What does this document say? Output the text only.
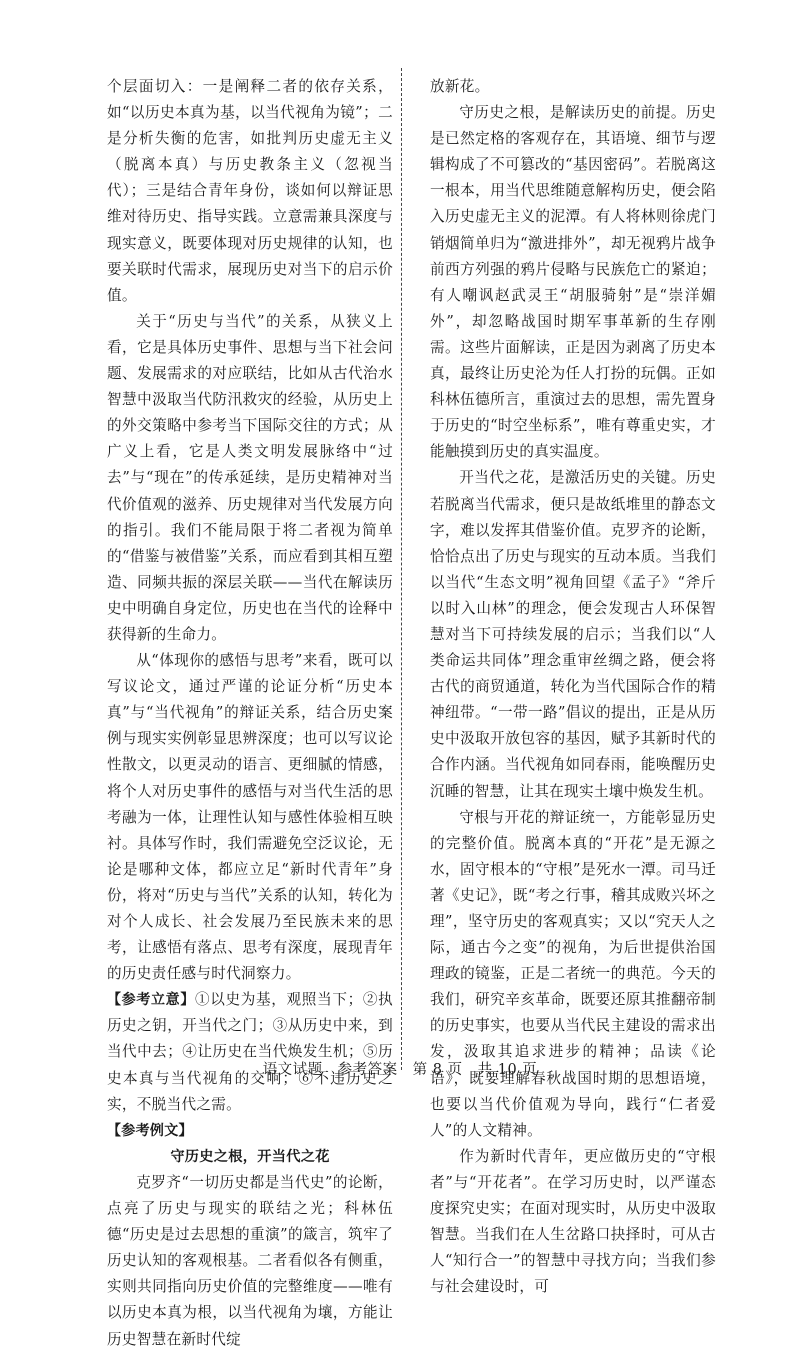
个层面切入：一是阐释二者的依存关系，如“以历史本真为基，以当代视角为镜”；二是分析失衡的危害，如批判历史虚无主义（脱离本真）与历史教条主义（忽视当代）；三是结合青年身份，谈如何以辩证思维对待历史、指导实践。立意需兼具深度与现实意义，既要体现对历史规律的认知，也要关联时代需求，展现历史对当下的启示价值。

关于“历史与当代”的关系，从狭义上看，它是具体历史事件、思想与当下社会问题、发展需求的对应联结，比如从古代治水智慧中汲取当代防汛救灾的经验，从历史上的外交策略中参考当下国际交往的方式；从广义上看，它是人类文明发展脉络中“过去”与“现在”的传承延续，是历史精神对当代价值观的滋养、历史规律对当代发展方向的指引。我们不能局限于将二者视为简单的“借鉴与被借鉴”关系，而应看到其相互塑造、同频共振的深层关联——当代在解读历史中明确自身定位，历史也在当代的诠释中获得新的生命力。

从“体现你的感悟与思考”来看，既可以写议论文，通过严谨的论证分析“历史本真”与“当代视角”的辩证关系，结合历史案例与现实实例彰显思辨深度；也可以写议论性散文，以更灵动的语言、更细腻的情感，将个人对历史事件的感悟与对当代生活的思考融为一体，让理性认知与感性体验相互映衬。具体写作时，我们需避免空泛议论，无论是哪种文体，都应立足“新时代青年”身份，将对“历史与当代”关系的认知，转化为对个人成长、社会发展乃至民族未来的思考，让感悟有落点、思考有深度，展现青年的历史责任感与时代洞察力。

【参考立意】①以史为基，观照当下；②执历史之钥，开当代之门；③从历史中来，到当代中去；④让历史在当代焕发生机；⑤历史本真与当代视角的交响；⑥不违历史之实，不脱当代之需。

【参考例文】

守历史之根，开当代之花

克罗齐“一切历史都是当代史”的论断，点亮了历史与现实的联结之光；科林伍德“历史是过去思想的重演”的箴言，筑牢了历史认知的客观根基。二者看似各有侧重，实则共同指向历史价值的完整维度——唯有以历史本真为根，以当代视角为壤，方能让历史智慧在新时代绽

放新花。

守历史之根，是解读历史的前提。历史是已然定格的客观存在，其语境、细节与逻辑构成了不可篡改的“基因密码”。若脱离这一根本，用当代思维随意解构历史，便会陷入历史虚无主义的泥潭。有人将林则徐虎门销烟简单归为“激进排外”，却无视鸦片战争前西方列强的鸦片侵略与民族危亡的紧迫；有人嘲讽赵武灵王“胡服骑射”是“崇洋媚外”，却忽略战国时期军事革新的生存刚需。这些片面解读，正是因为剥离了历史本真，最终让历史沦为任人打扮的玩偶。正如科林伍德所言，重演过去的思想，需先置身于历史的“时空坐标系”，唯有尊重史实，才能触摸到历史的真实温度。

开当代之花，是激活历史的关键。历史若脱离当代需求，便只是故纸堆里的静态文字，难以发挥其借鉴价值。克罗齐的论断，恰恰点出了历史与现实的互动本质。当我们以当代“生态文明”视角回望《孟子》“斧斤以时入山林”的理念，便会发现古人环保智慧对当下可持续发展的启示；当我们以“人类命运共同体”理念重审丝绸之路，便会将古代的商贸通道，转化为当代国际合作的精神纽带。“一带一路”倡议的提出，正是从历史中汲取开放包容的基因，赋予其新时代的合作内涵。当代视角如同春雨，能唤醒历史沉睡的智慧，让其在现实土壤中焕发生机。

守根与开花的辩证统一，方能彰显历史的完整价值。脱离本真的“开花”是无源之水，固守根本的“守根”是死水一潭。司马迁著《史记》，既“考之行事，稽其成败兴坏之理”，坚守历史的客观真实；又以“究天人之际，通古今之变”的视角，为后世提供治国理政的镜鉴，正是二者统一的典范。今天的我们，研究辛亥革命，既要还原其推翻帝制的历史事实，也要从当代民主建设的需求出发，汲取其追求进步的精神；品读《论语》，既要理解春秋战国时期的思想语境，也要以当代价值观为导向，践行“仁者爱人”的人文精神。

作为新时代青年，更应做历史的“守根者”与“开花者”。在学习历史时，以严谨态度探究史实；在面对现实时，从历史中汲取智慧。当我们在人生岔路口抉择时，可从古人“知行合一”的智慧中寻找方向；当我们参与社会建设时，可

语文试题　参考答案　第 8 页　共 10 页
